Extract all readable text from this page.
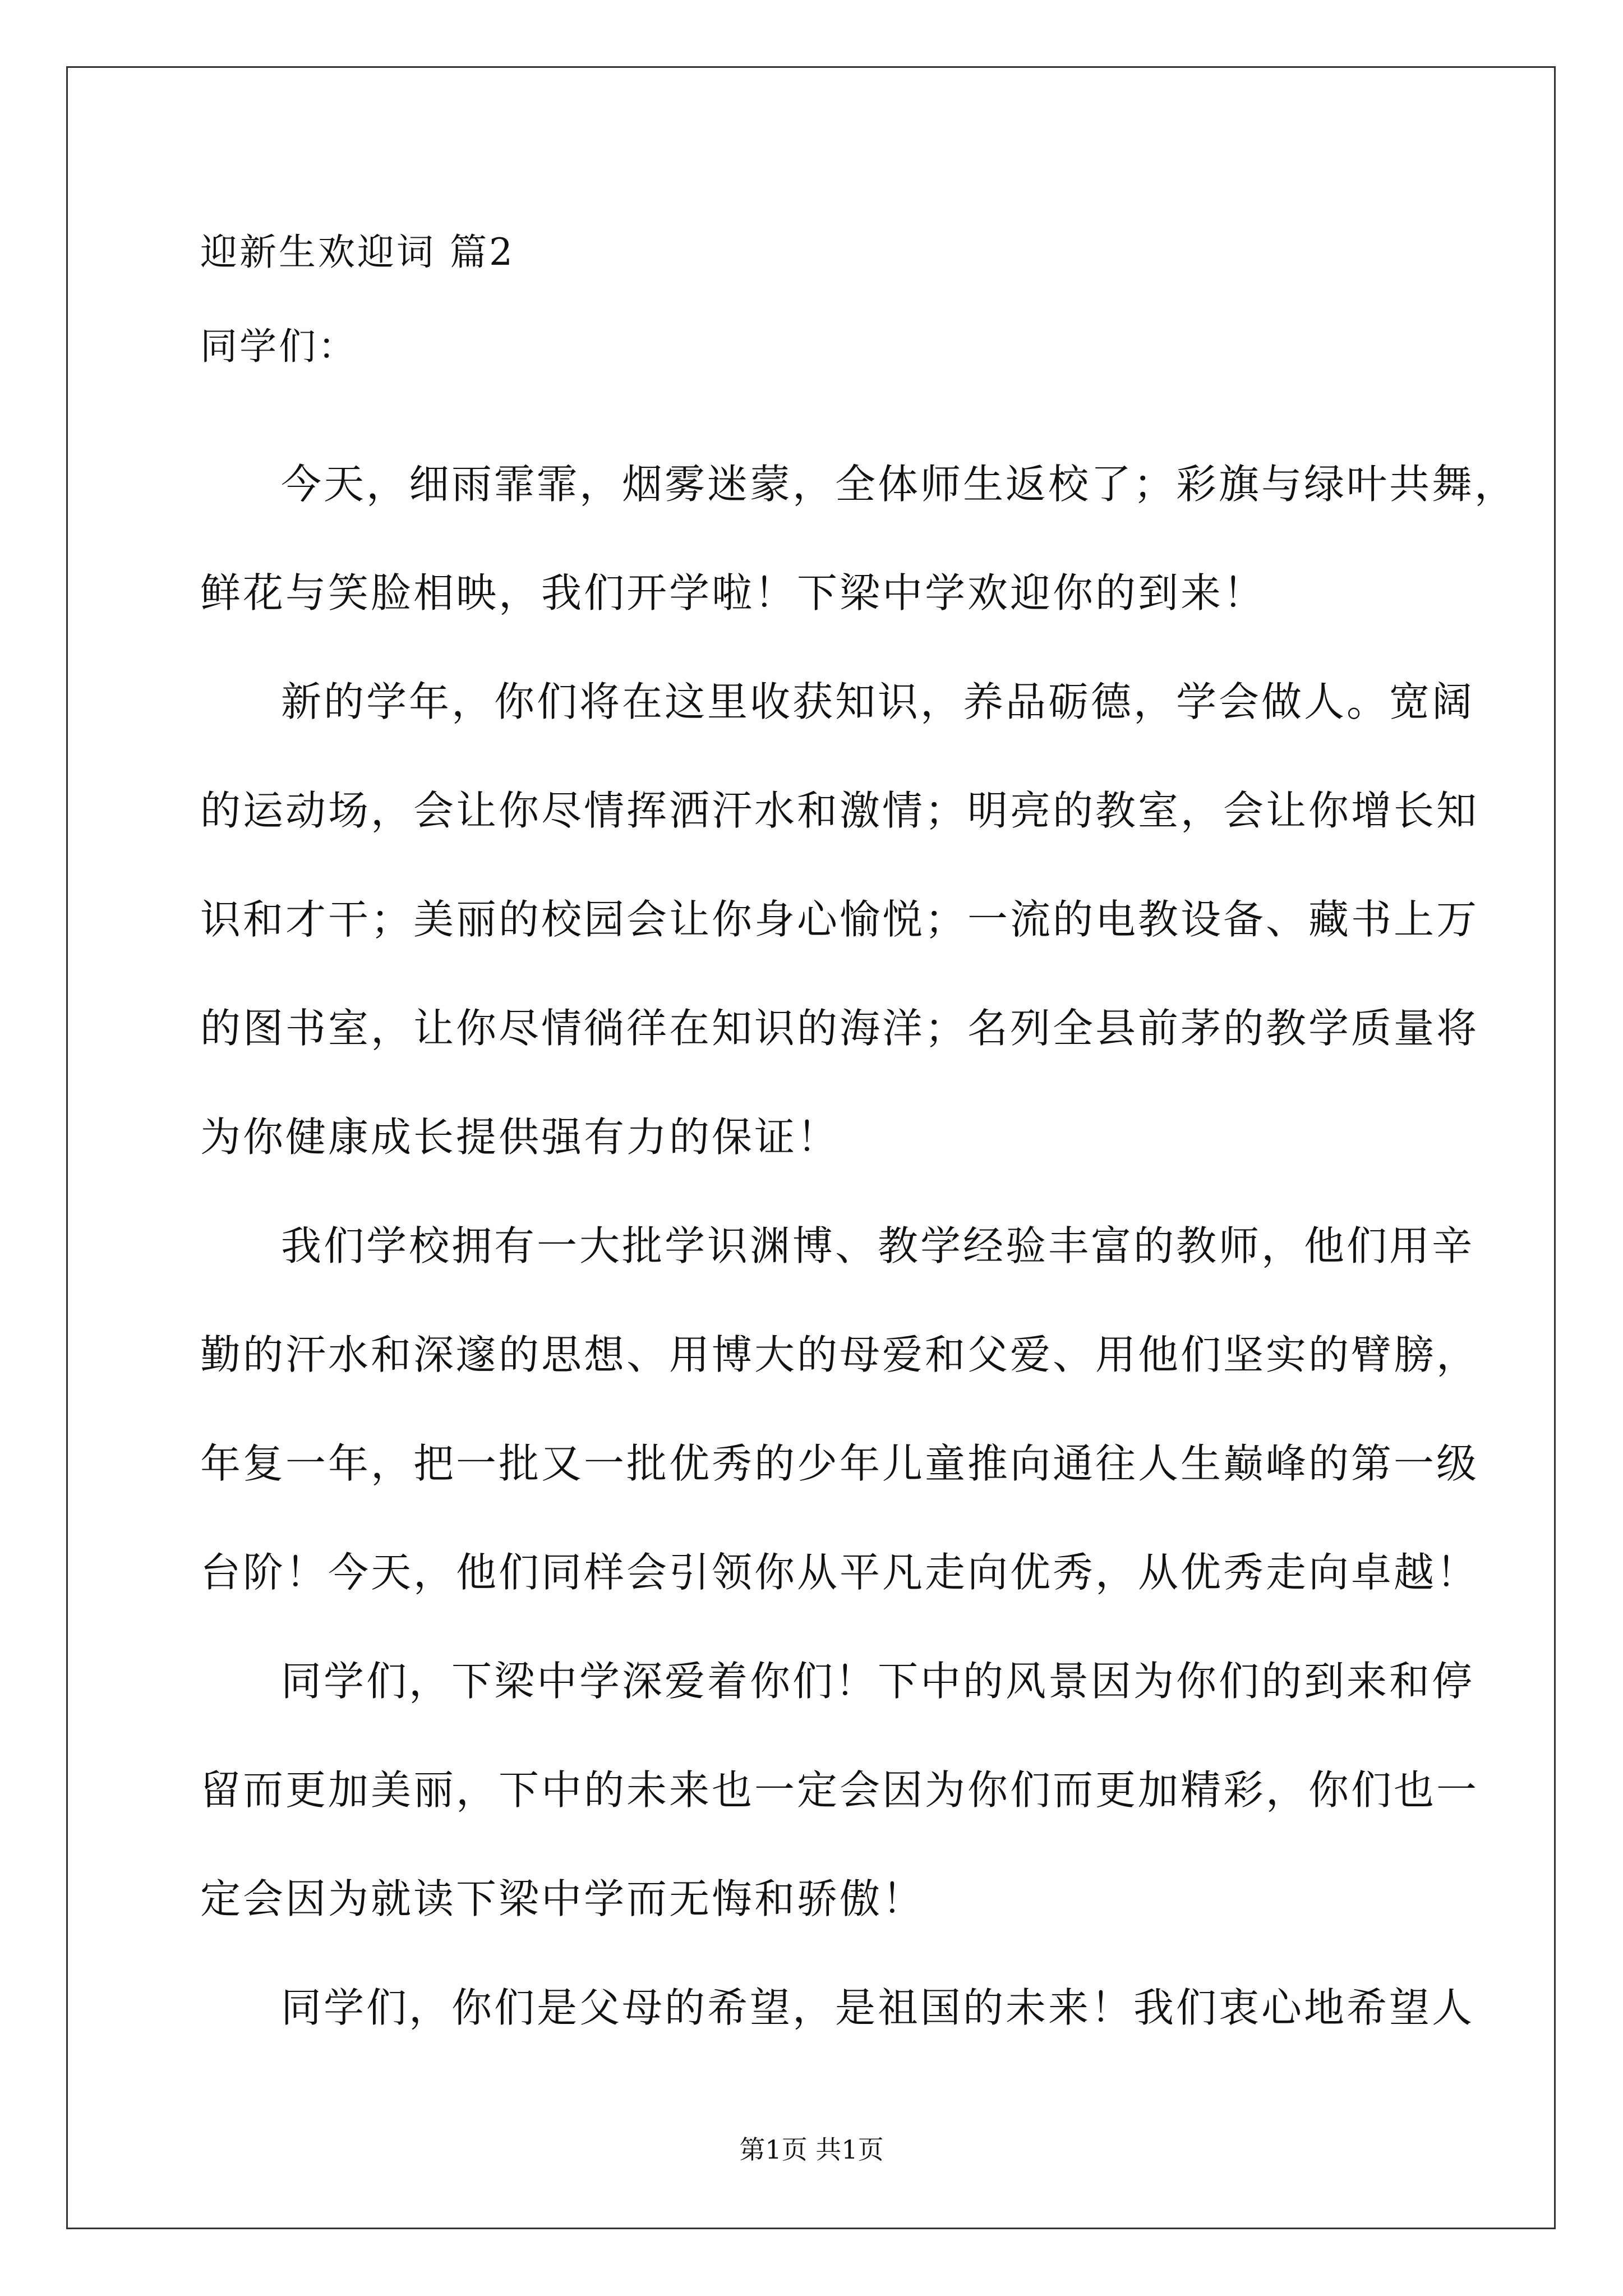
迎新生欢迎词 篇2
同学们：
今天，细雨霏霏，烟雾迷蒙，全体师生返校了；彩旗与绿叶共舞，
鲜花与笑脸相映，我们开学啦！下梁中学欢迎你的到来！
新的学年，你们将在这里收获知识，养品砺德，学会做人。宽阔
的运动场，会让你尽情挥洒汗水和激情；明亮的教室，会让你增长知
识和才干；美丽的校园会让你身心愉悦；一流的电教设备、藏书上万
的图书室，让你尽情徜徉在知识的海洋；名列全县前茅的教学质量将
为你健康成长提供强有力的保证！
我们学校拥有一大批学识渊博、教学经验丰富的教师，他们用辛
勤的汗水和深邃的思想、用博大的母爱和父爱、用他们坚实的臂膀，
年复一年，把一批又一批优秀的少年儿童推向通往人生巅峰的第一级
台阶！今天，他们同样会引领你从平凡走向优秀，从优秀走向卓越！
同学们，下梁中学深爱着你们！下中的风景因为你们的到来和停
留而更加美丽，下中的未来也一定会因为你们而更加精彩，你们也一
定会因为就读下梁中学而无悔和骄傲！
同学们，你们是父母的希望，是祖国的未来！我们衷心地希望人
第1页 共1页
